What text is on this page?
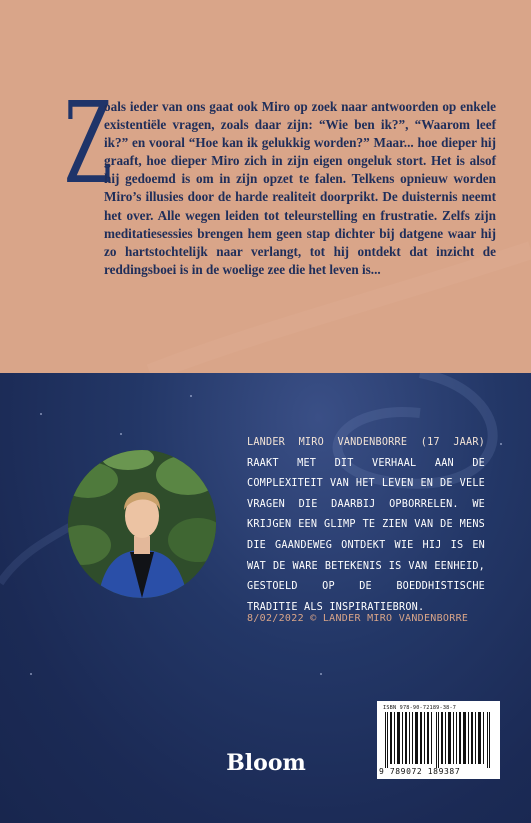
Z
oals ieder van ons gaat ook Miro op zoek naar antwoorden op enkele existentiële vragen, zoals daar zijn: “Wie ben ik?”, “Waarom leef ik?” en vooral “Hoe kan ik gelukkig worden?” Maar... hoe dieper hij graaft, hoe dieper Miro zich in zijn eigen ongeluk stort. Het is alsof hij gedoemd is om in zijn opzet te falen. Telkens opnieuw worden Miro’s illusies door de harde realiteit doorprikt. De duisternis neemt het over. Alle wegen leiden tot teleurstelling en frustratie. Zelfs zijn meditatiesessies brengen hem geen stap dichter bij datgene waar hij zo hartstochtelijk naar verlangt, tot hij ontdekt dat inzicht de reddingsboei is in de woelige zee die het leven is...
LANDER MIRO VANDENBORRE (17 JAAR) RAAKT MET DIT VERHAAL AAN DE COMPLEXITEIT VAN HET LEVEN EN DE VELE VRAGEN DIE DAARBIJ OPBORRELEN. WE KRIJGEN EEN GLIMP TE ZIEN VAN DE MENS DIE GAANDEWEG ONTDEKT WIE HIJ IS EN WAT DE WARE BETEKENIS IS VAN EENHEID, GESTOELD OP DE BOEDDHISTISCHE TRADITIE ALS INSPIRATIEBRON.
8/02/2022 © LANDER MIRO VANDENBORRE
ISBN 978-90-72189-38-7
9 789072 189387
Bloom
